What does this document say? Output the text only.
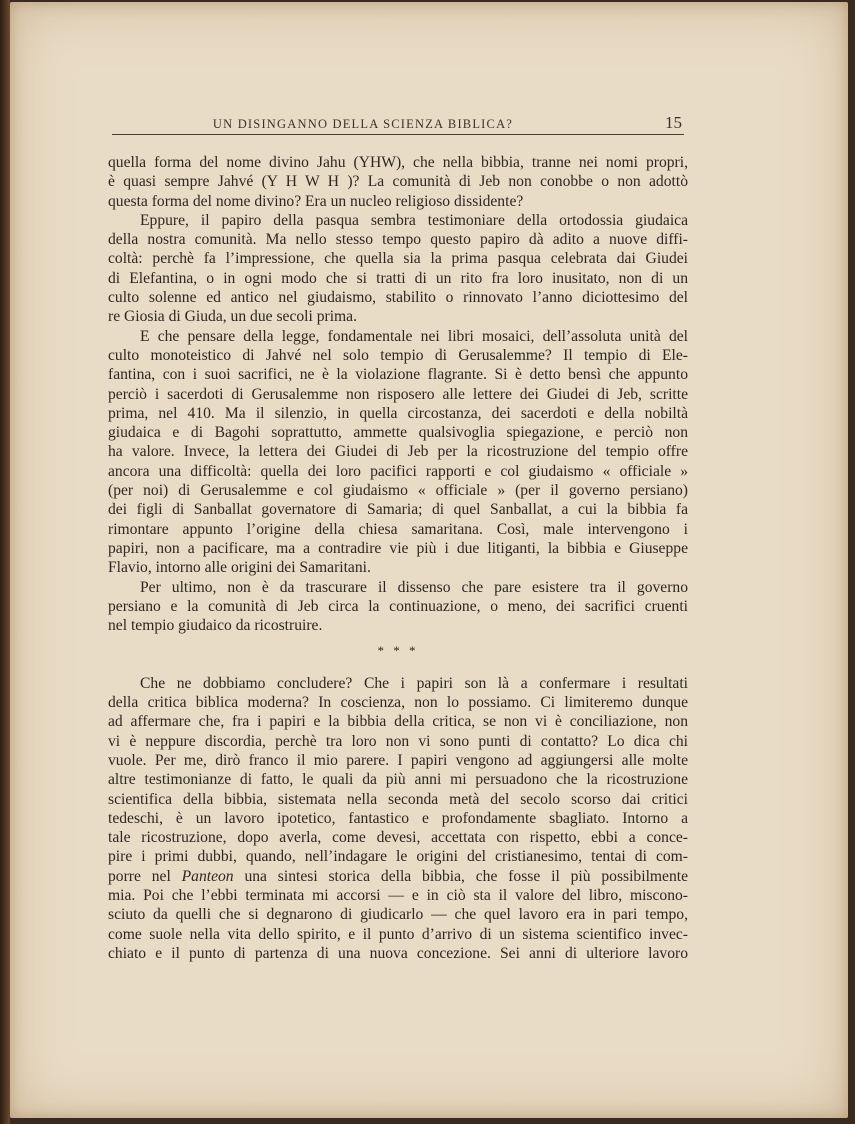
UN DISINGANNO DELLA SCIENZA BIBLICA?	15
quella forma del nome divino Jahu (YHW), che nella bibbia, tranne nei nomi propri,
è quasi sempre Jahvé (Y H W H )? La comunità di Jeb non conobbe o non adottò
questa forma del nome divino? Era un nucleo religioso dissidente?
Eppure, il papiro della pasqua sembra testimoniare della ortodossia giudaica
della nostra comunità. Ma nello stesso tempo questo papiro dà adito a nuove diffi-
coltà: perchè fa l’impressione, che quella sia la prima pasqua celebrata dai Giudei
di Elefantina, o in ogni modo che si tratti di un rito fra loro inusitato, non di un
culto solenne ed antico nel giudaismo, stabilito o rinnovato l’anno diciottesimo del
re Giosia di Giuda, un due secoli prima.
E che pensare della legge, fondamentale nei libri mosaici, dell’assoluta unità del
culto monoteistico di Jahvé nel solo tempio di Gerusalemme? Il tempio di Ele-
fantina, con i suoi sacrifici, ne è la violazione flagrante. Si è detto bensì che appunto
perciò i sacerdoti di Gerusalemme non risposero alle lettere dei Giudei di Jeb, scritte
prima, nel 410. Ma il silenzio, in quella circostanza, dei sacerdoti e della nobiltà
giudaica e di Bagohi soprattutto, ammette qualsivoglia spiegazione, e perciò non
ha valore. Invece, la lettera dei Giudei di Jeb per la ricostruzione del tempio offre
ancora una difficoltà: quella dei loro pacifici rapporti e col giudaismo « officiale »
(per noi) di Gerusalemme e col giudaismo « officiale » (per il governo persiano)
dei figli di Sanballat governatore di Samaria; di quel Sanballat, a cui la bibbia fa
rimontare appunto l’origine della chiesa samaritana. Così, male intervengono i
papiri, non a pacificare, ma a contradire vie più i due litiganti, la bibbia e Giuseppe
Flavio, intorno alle origini dei Samaritani.
Per ultimo, non è da trascurare il dissenso che pare esistere tra il governo
persiano e la comunità di Jeb circa la continuazione, o meno, dei sacrifici cruenti
nel tempio giudaico da ricostruire.
* * *
Che ne dobbiamo concludere? Che i papiri son là a confermare i resultati
della critica biblica moderna? In coscienza, non lo possiamo. Ci limiteremo dunque
ad affermare che, fra i papiri e la bibbia della critica, se non vi è conciliazione, non
vi è neppure discordia, perchè tra loro non vi sono punti di contatto? Lo dica chi
vuole. Per me, dirò franco il mio parere. I papiri vengono ad aggiungersi alle molte
altre testimonianze di fatto, le quali da più anni mi persuadono che la ricostruzione
scientifica della bibbia, sistemata nella seconda metà del secolo scorso dai critici
tedeschi, è un lavoro ipotetico, fantastico e profondamente sbagliato. Intorno a
tale ricostruzione, dopo averla, come devesi, accettata con rispetto, ebbi a conce-
pire i primi dubbi, quando, nell’indagare le origini del cristianesimo, tentai di com-
porre nel Panteon una sintesi storica della bibbia, che fosse il più possibilmente
mia. Poi che l’ebbi terminata mi accorsi — e in ciò sta il valore del libro, miscono-
sciuto da quelli che si degnarono di giudicarlo — che quel lavoro era in pari tempo,
come suole nella vita dello spirito, e il punto d’arrivo di un sistema scientifico invec-
chiato e il punto di partenza di una nuova concezione. Sei anni di ulteriore lavoro
